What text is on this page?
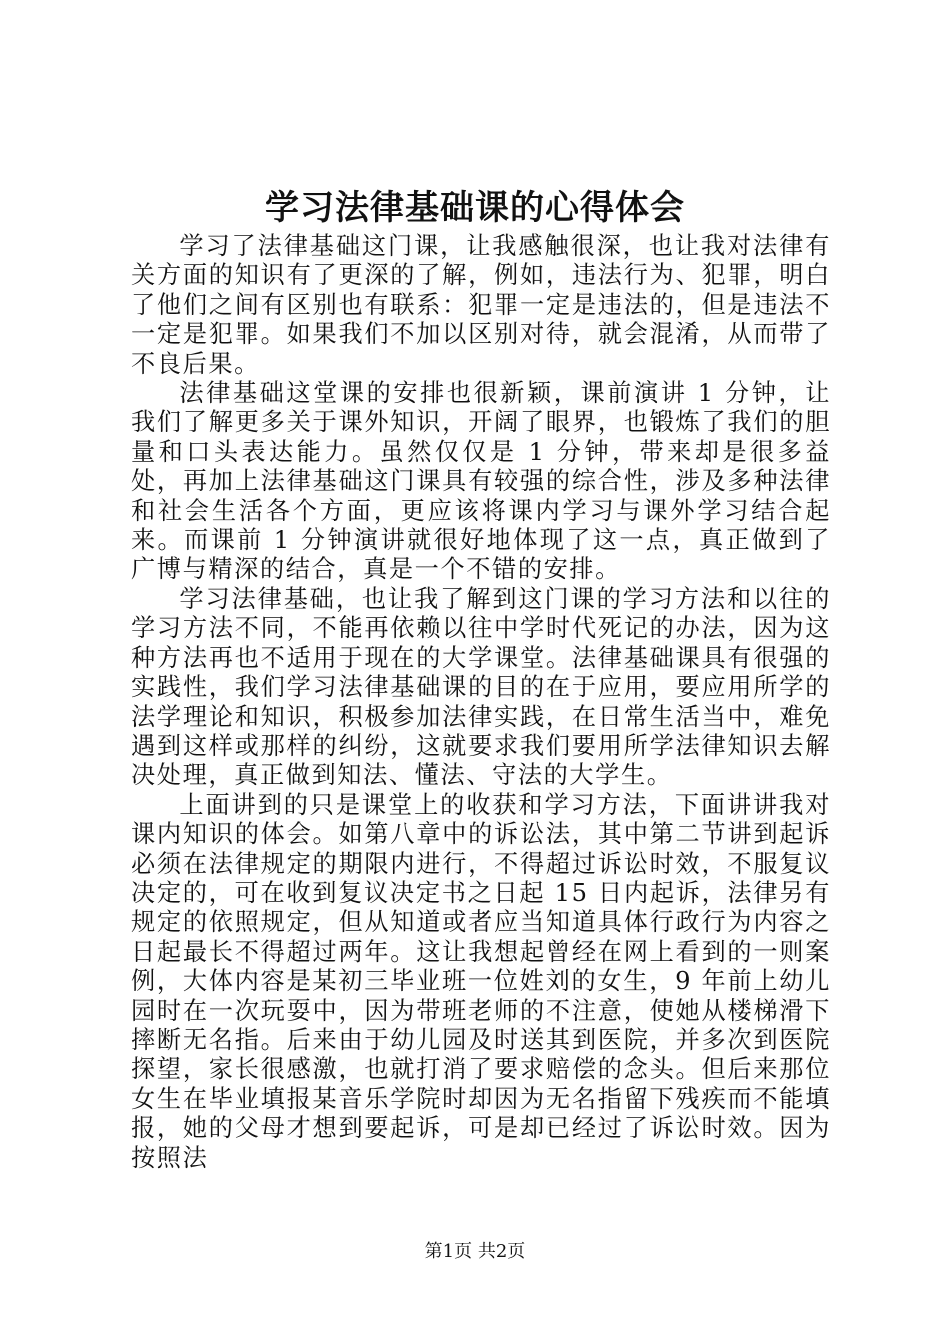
学习法律基础课的心得体会

学习了法律基础这门课，让我感触很深，也让我对法律有关方面的知识有了更深的了解，例如，违法行为、犯罪，明白了他们之间有区别也有联系：犯罪一定是违法的，但是违法不一定是犯罪。如果我们不加以区别对待，就会混淆，从而带了不良后果。

法律基础这堂课的安排也很新颖，课前演讲 1 分钟，让我们了解更多关于课外知识，开阔了眼界，也锻炼了我们的胆量和口头表达能力。虽然仅仅是 1 分钟，带来却是很多益处，再加上法律基础这门课具有较强的综合性，涉及多种法律和社会生活各个方面，更应该将课内学习与课外学习结合起来。而课前 1 分钟演讲就很好地体现了这一点，真正做到了广博与精深的结合，真是一个不错的安排。

学习法律基础，也让我了解到这门课的学习方法和以往的学习方法不同，不能再依赖以往中学时代死记的办法，因为这种方法再也不适用于现在的大学课堂。法律基础课具有很强的实践性，我们学习法律基础课的目的在于应用，要应用所学的法学理论和知识，积极参加法律实践，在日常生活当中，难免遇到这样或那样的纠纷，这就要求我们要用所学法律知识去解决处理，真正做到知法、懂法、守法的大学生。

上面讲到的只是课堂上的收获和学习方法，下面讲讲我对课内知识的体会。如第八章中的诉讼法，其中第二节讲到起诉必须在法律规定的期限内进行，不得超过诉讼时效，不服复议决定的，可在收到复议决定书之日起 15 日内起诉，法律另有规定的依照规定，但从知道或者应当知道具体行政行为内容之日起最长不得超过两年。这让我想起曾经在网上看到的一则案例，大体内容是某初三毕业班一位姓刘的女生，9 年前上幼儿园时在一次玩耍中，因为带班老师的不注意，使她从楼梯滑下摔断无名指。后来由于幼儿园及时送其到医院，并多次到医院探望，家长很感激，也就打消了要求赔偿的念头。但后来那位女生在毕业填报某音乐学院时却因为无名指留下残疾而不能填报，她的父母才想到要起诉，可是却已经过了诉讼时效。因为按照法

第1页 共2页
